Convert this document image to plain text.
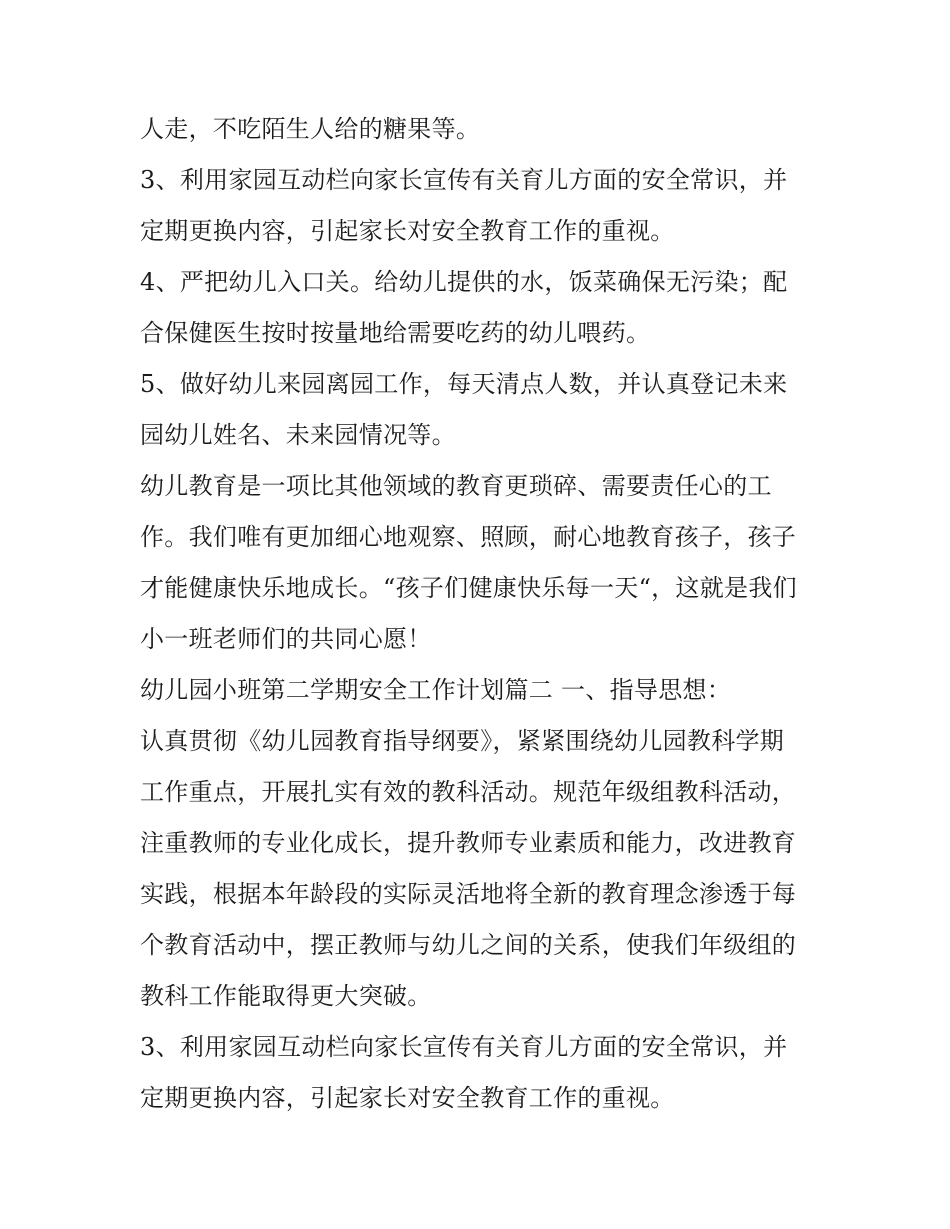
人走，不吃陌生人给的糖果等。
3、利用家园互动栏向家长宣传有关育儿方面的安全常识，并
定期更换内容，引起家长对安全教育工作的重视。
4、严把幼儿入口关。给幼儿提供的水，饭菜确保无污染；配
合保健医生按时按量地给需要吃药的幼儿喂药。
5、做好幼儿来园离园工作，每天清点人数，并认真登记未来
园幼儿姓名、未来园情况等。
幼儿教育是一项比其他领域的教育更琐碎、需要责任心的工
作。我们唯有更加细心地观察、照顾，耐心地教育孩子，孩子
才能健康快乐地成长。“孩子们健康快乐每一天“，这就是我们
小一班老师们的共同心愿！
幼儿园小班第二学期安全工作计划篇二 一、指导思想：
认真贯彻《幼儿园教育指导纲要》，紧紧围绕幼儿园教科学期
工作重点，开展扎实有效的教科活动。规范年级组教科活动，
注重教师的专业化成长，提升教师专业素质和能力，改进教育
实践，根据本年龄段的实际灵活地将全新的教育理念渗透于每
个教育活动中，摆正教师与幼儿之间的关系，使我们年级组的
教科工作能取得更大突破。
3、利用家园互动栏向家长宣传有关育儿方面的安全常识，并
定期更换内容，引起家长对安全教育工作的重视。
